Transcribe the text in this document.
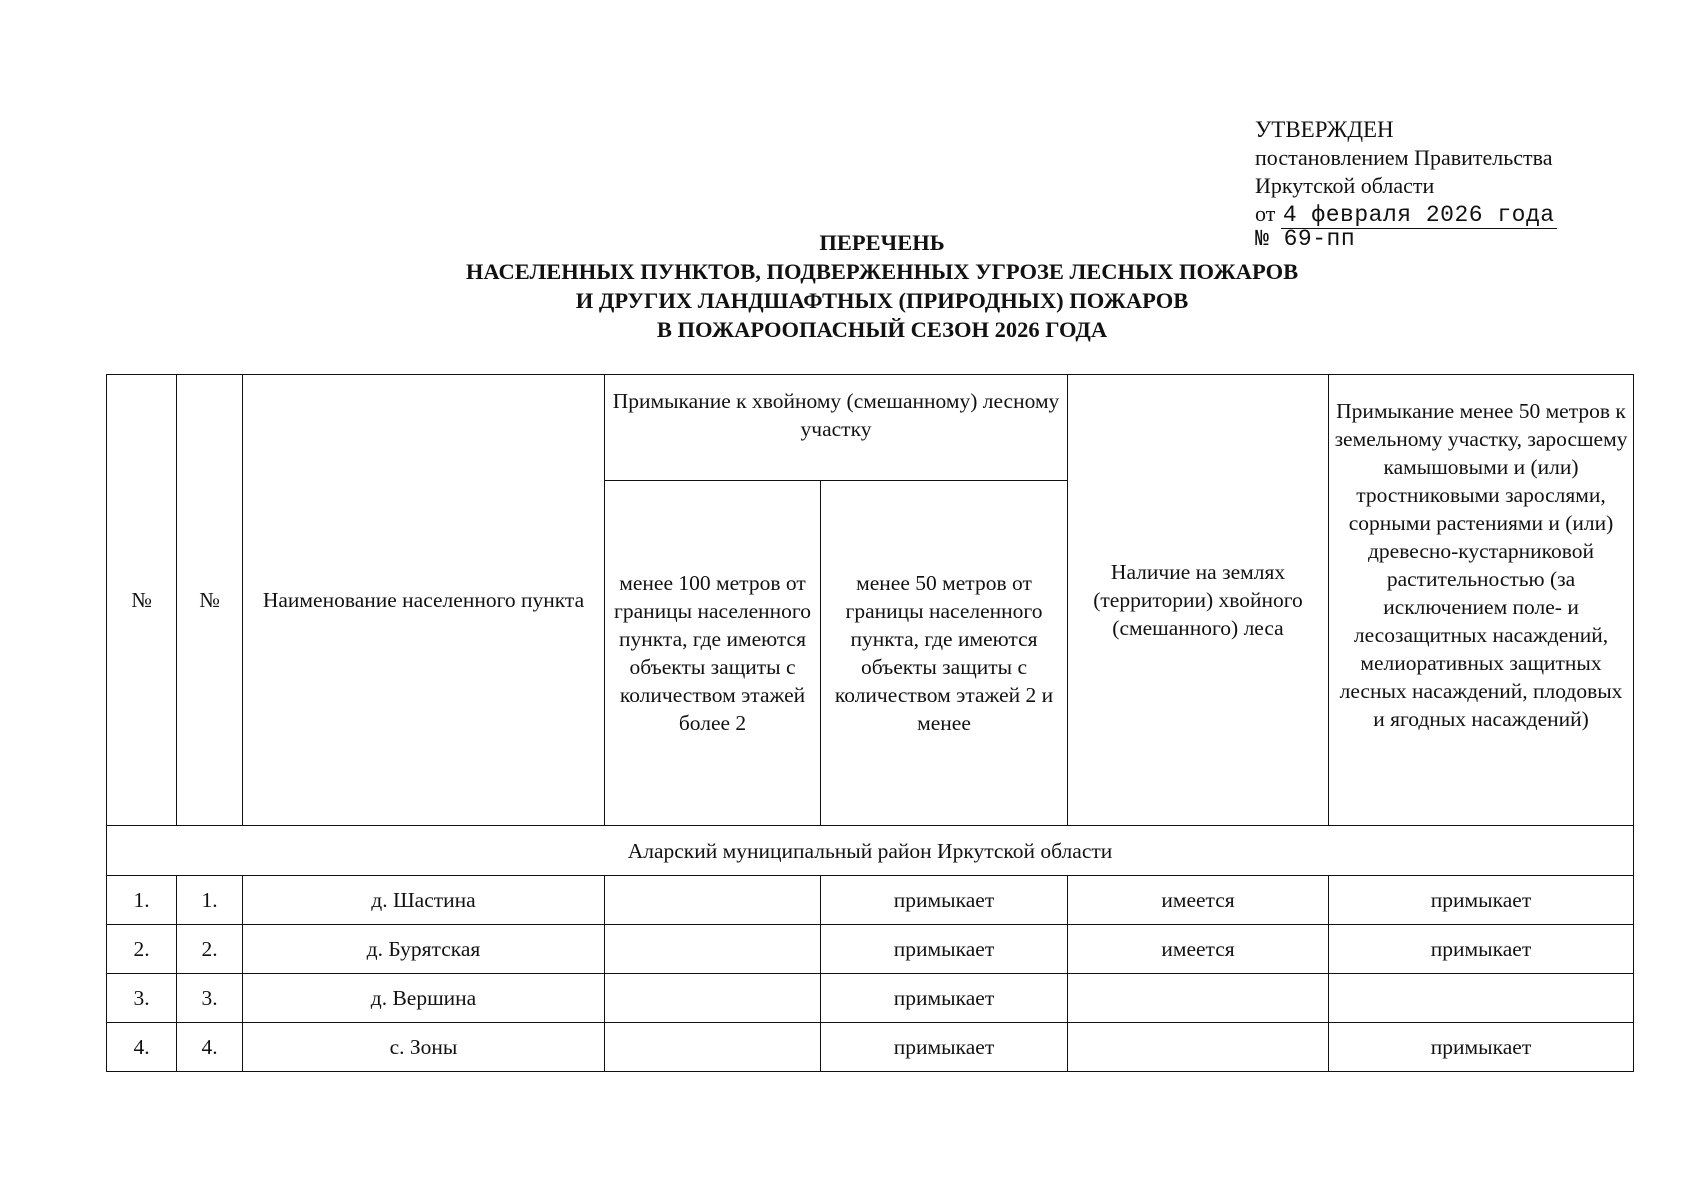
УТВЕРЖДЕН
постановлением Правительства
Иркутской области
от 4 февраля 2026 года
№ 69-пп
ПЕРЕЧЕНЬ
НАСЕЛЕННЫХ ПУНКТОВ, ПОДВЕРЖЕННЫХ УГРОЗЕ ЛЕСНЫХ ПОЖАРОВ
И ДРУГИХ ЛАНДШАФТНЫХ (ПРИРОДНЫХ) ПОЖАРОВ
В ПОЖАРООПАСНЫЙ СЕЗОН 2026 ГОДА
№	№	Наименование населенного пункта	Примыкание к хвойному (смешанному) лесному участку		Наличие на землях (территории) хвойного (смешанного) леса	Примыкание менее 50 метров к земельному участку, заросшему камышовыми и (или) тростниковыми зарослями, сорными растениями и (или) древесно-кустарниковой растительностью (за исключением поле- и лесозащитных насаждений, мелиоративных защитных лесных насаждений, плодовых и ягодных насаждений)
			менее 100 метров от границы населенного пункта, где имеются объекты защиты с количеством этажей более 2	менее 50 метров от границы населенного пункта, где имеются объекты защиты с количеством этажей 2 и менее		
Аларский муниципальный район Иркутской области						
1.	1.	д. Шастина		примыкает	имеется	примыкает
2.	2.	д. Бурятская		примыкает	имеется	примыкает
3.	3.	д. Вершина		примыкает		
4.	4.	с. Зоны		примыкает		примыкает
